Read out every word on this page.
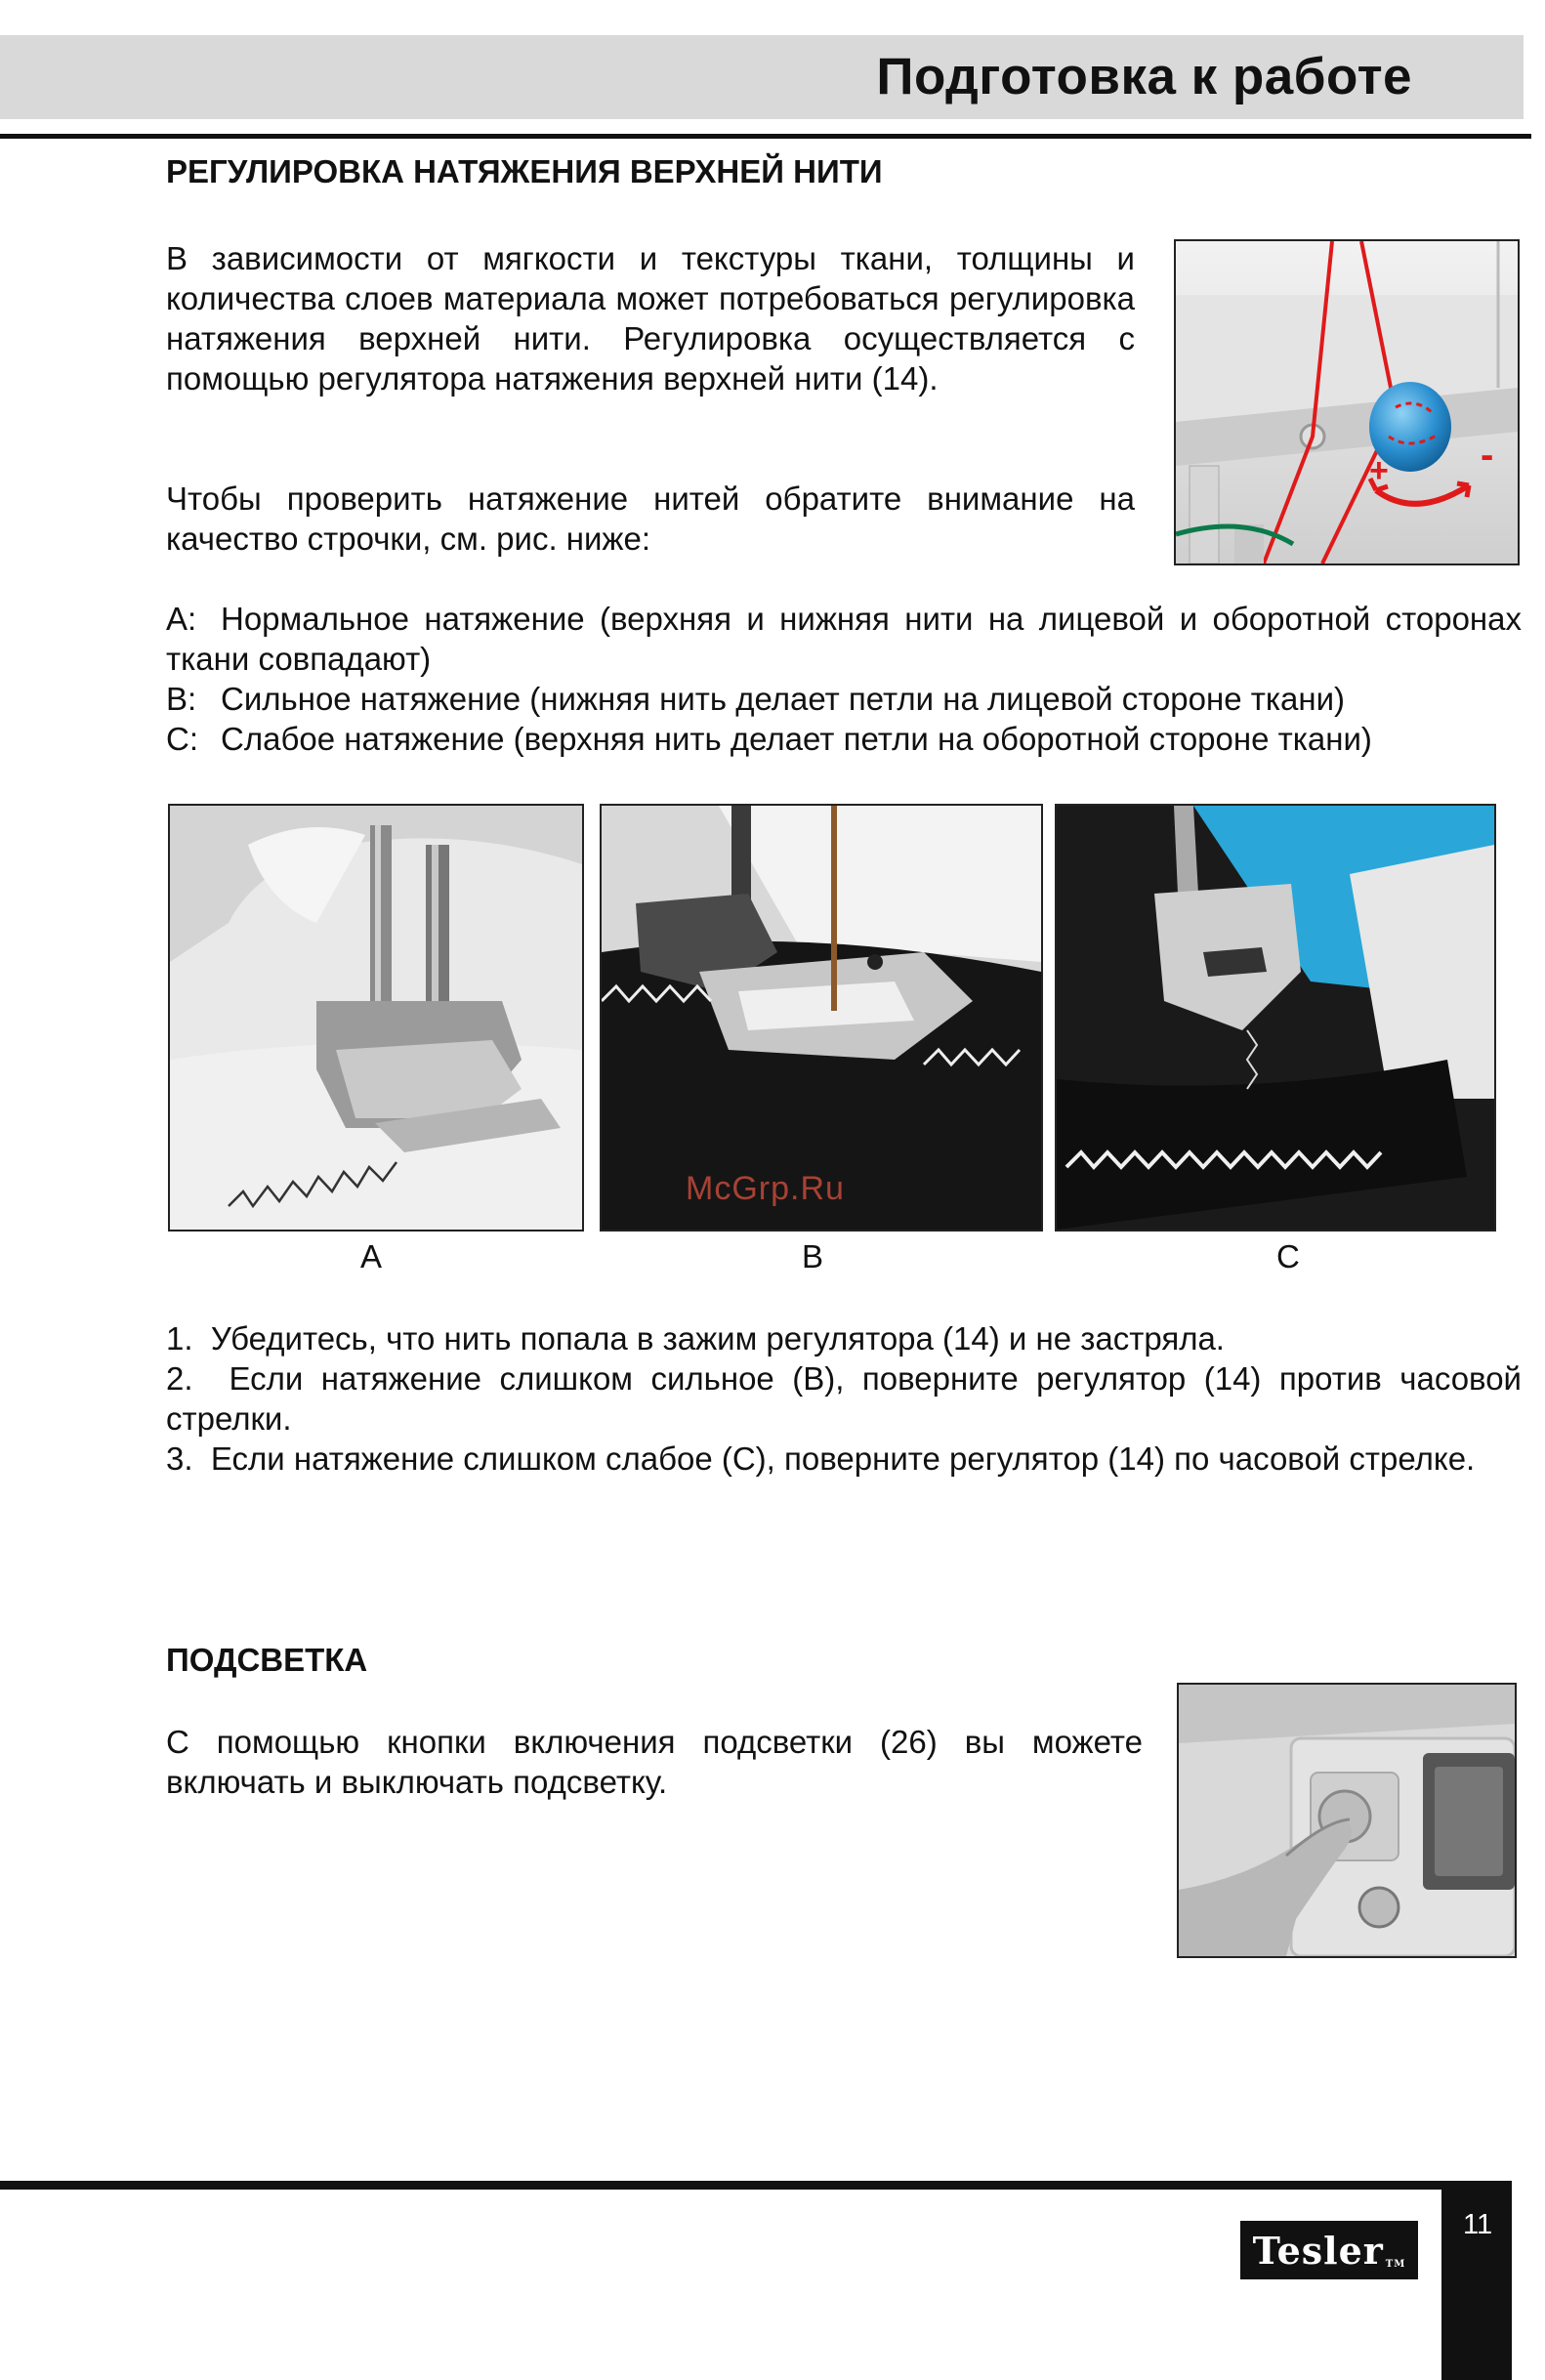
Подготовка к работе
РЕГУЛИРОВКА НАТЯЖЕНИЯ ВЕРХНЕЙ НИТИ
В зависимости от мягкости и текстуры ткани, толщины и количества слоев материала может потребоваться регулировка натяжения верхней нити. Регулировка осуществляется с помощью регулятора натяжения верхней нити (14).
Чтобы проверить натяжение нитей обратите внимание на качество строчки, см. рис. ниже:
+ -
A: Нормальное натяжение (верхняя и нижняя нити на лицевой и оборотной сторонах ткани совпадают)
B: Сильное натяжение (нижняя нить делает петли на лицевой стороне ткани)
C: Слабое натяжение (верхняя нить делает петли на оборотной стороне ткани)
McGrp.Ru
A	B	C
1.  Убедитесь, что нить попала в зажим регулятора (14) и не застряла.
2.  Если натяжение слишком сильное (B), поверните регулятор (14) против часовой стрелки.
3.  Если натяжение слишком слабое (C), поверните регулятор (14) по часовой стрелке.
ПОДСВЕТКА
С помощью кнопки включения подсветки (26) вы можете включать и выключать подсветку.
11
Tesler TM
